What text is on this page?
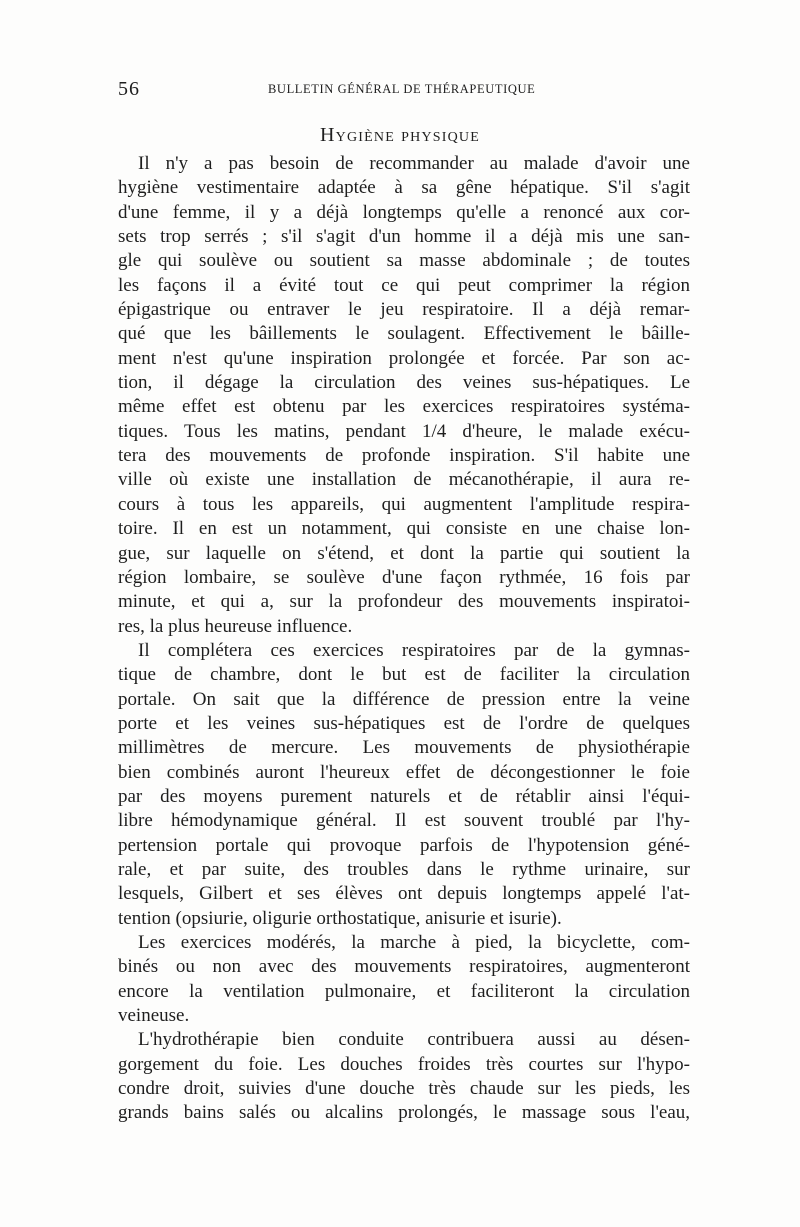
56	BULLETIN GÉNÉRAL DE THÉRAPEUTIQUE
Hygiène physique
Il n'y a pas besoin de recommander au malade d'avoir une
hygiène vestimentaire adaptée à sa gêne hépatique. S'il s'agit
d'une femme, il y a déjà longtemps qu'elle a renoncé aux cor-
sets trop serrés ; s'il s'agit d'un homme il a déjà mis une san-
gle qui soulève ou soutient sa masse abdominale ; de toutes
les façons il a évité tout ce qui peut comprimer la région
épigastrique ou entraver le jeu respiratoire. Il a déjà remar-
qué que les bâillements le soulagent. Effectivement le bâille-
ment n'est qu'une inspiration prolongée et forcée. Par son ac-
tion, il dégage la circulation des veines sus-hépatiques. Le
même effet est obtenu par les exercices respiratoires systéma-
tiques. Tous les matins, pendant 1/4 d'heure, le malade exécu-
tera des mouvements de profonde inspiration. S'il habite une
ville où existe une installation de mécanothérapie, il aura re-
cours à tous les appareils, qui augmentent l'amplitude respira-
toire. Il en est un notamment, qui consiste en une chaise lon-
gue, sur laquelle on s'étend, et dont la partie qui soutient la
région lombaire, se soulève d'une façon rythmée, 16 fois par
minute, et qui a, sur la profondeur des mouvements inspiratoi-
res, la plus heureuse influence.
Il complétera ces exercices respiratoires par de la gymnas-
tique de chambre, dont le but est de faciliter la circulation
portale. On sait que la différence de pression entre la veine
porte et les veines sus-hépatiques est de l'ordre de quelques
millimètres de mercure. Les mouvements de physiothérapie
bien combinés auront l'heureux effet de décongestionner le foie
par des moyens purement naturels et de rétablir ainsi l'équi-
libre hémodynamique général. Il est souvent troublé par l'hy-
pertension portale qui provoque parfois de l'hypotension géné-
rale, et par suite, des troubles dans le rythme urinaire, sur
lesquels, Gilbert et ses élèves ont depuis longtemps appelé l'at-
tention (opsiurie, oligurie orthostatique, anisurie et isurie).
Les exercices modérés, la marche à pied, la bicyclette, com-
binés ou non avec des mouvements respiratoires, augmenteront
encore la ventilation pulmonaire, et faciliteront la circulation
veineuse.
L'hydrothérapie bien conduite contribuera aussi au désen-
gorgement du foie. Les douches froides très courtes sur l'hypo-
condre droit, suivies d'une douche très chaude sur les pieds, les
grands bains salés ou alcalins prolongés, le massage sous l'eau,
